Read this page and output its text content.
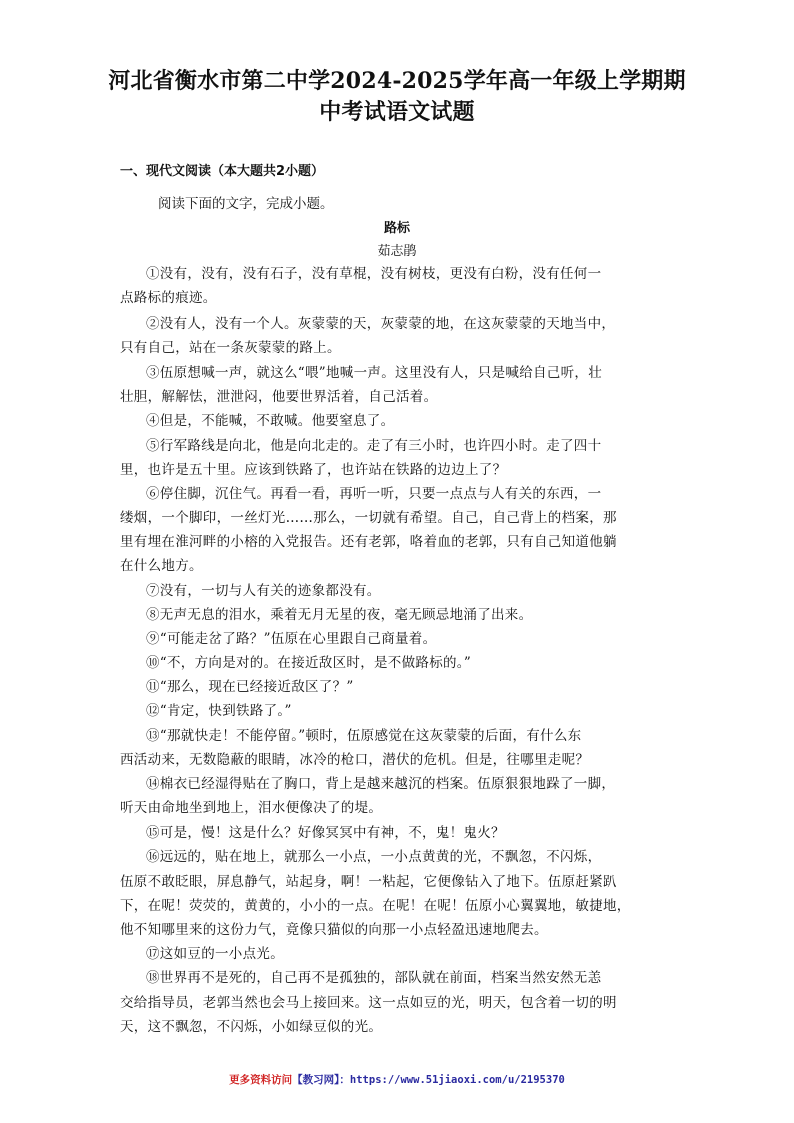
河北省衡水市第二中学2024-2025学年高一年级上学期期
中考试语文试题
一、现代文阅读（本大题共2小题）
阅读下面的文字，完成小题。
路标
茹志鹃
①没有，没有，没有石子，没有草棍，没有树枝，更没有白粉，没有任何一
点路标的痕迹。
②没有人，没有一个人。灰蒙蒙的天，灰蒙蒙的地，在这灰蒙蒙的天地当中，
只有自己，站在一条灰蒙蒙的路上。
③伍原想喊一声，就这么“喂”地喊一声。这里没有人，只是喊给自己听，壮
壮胆，解解怯，泄泄闷，他要世界活着，自己活着。
④但是，不能喊，不敢喊。他要窒息了。
⑤行军路线是向北，他是向北走的。走了有三小时，也许四小时。走了四十
里，也许是五十里。应该到铁路了，也许站在铁路的边边上了？
⑥停住脚，沉住气。再看一看，再听一听，只要一点点与人有关的东西，一
缕烟，一个脚印，一丝灯光……那么，一切就有希望。自己，自己背上的档案，那
里有埋在淮河畔的小榕的入党报告。还有老郭，咯着血的老郭，只有自己知道他躺
在什么地方。
⑦没有，一切与人有关的迹象都没有。
⑧无声无息的泪水，乘着无月无星的夜，毫无顾忌地涌了出来。
⑨“可能走岔了路？”伍原在心里跟自己商量着。
⑩“不，方向是对的。在接近敌区时，是不做路标的。”
⑪“那么，现在已经接近敌区了？”
⑫“肯定，快到铁路了。”
⑬“那就快走！不能停留。”顿时，伍原感觉在这灰蒙蒙的后面，有什么东
西活动来，无数隐蔽的眼睛，冰冷的枪口，潜伏的危机。但是，往哪里走呢？
⑭棉衣已经湿得贴在了胸口，背上是越来越沉的档案。伍原狠狠地跺了一脚，
听天由命地坐到地上，泪水便像决了的堤。
⑮可是，慢！这是什么？好像冥冥中有神，不，鬼！鬼火？
⑯远远的，贴在地上，就那么一小点，一小点黄黄的光，不飘忽，不闪烁，
伍原不敢眨眼，屏息静气，站起身，啊！一粘起，它便像钻入了地下。伍原赶紧趴
下，在呢！荧荧的，黄黄的，小小的一点。在呢！在呢！伍原小心翼翼地，敏捷地，
他不知哪里来的这份力气，竟像只猫似的向那一小点轻盈迅速地爬去。
⑰这如豆的一小点光。
⑱世界再不是死的，自己再不是孤独的，部队就在前面，档案当然安然无恙
交给指导员，老郭当然也会马上接回来。这一点如豆的光，明天，包含着一切的明
天，这不飘忽，不闪烁，小如绿豆似的光。
更多资料访问【教习网】：https://www.51jiaoxi.com/u/2195370
